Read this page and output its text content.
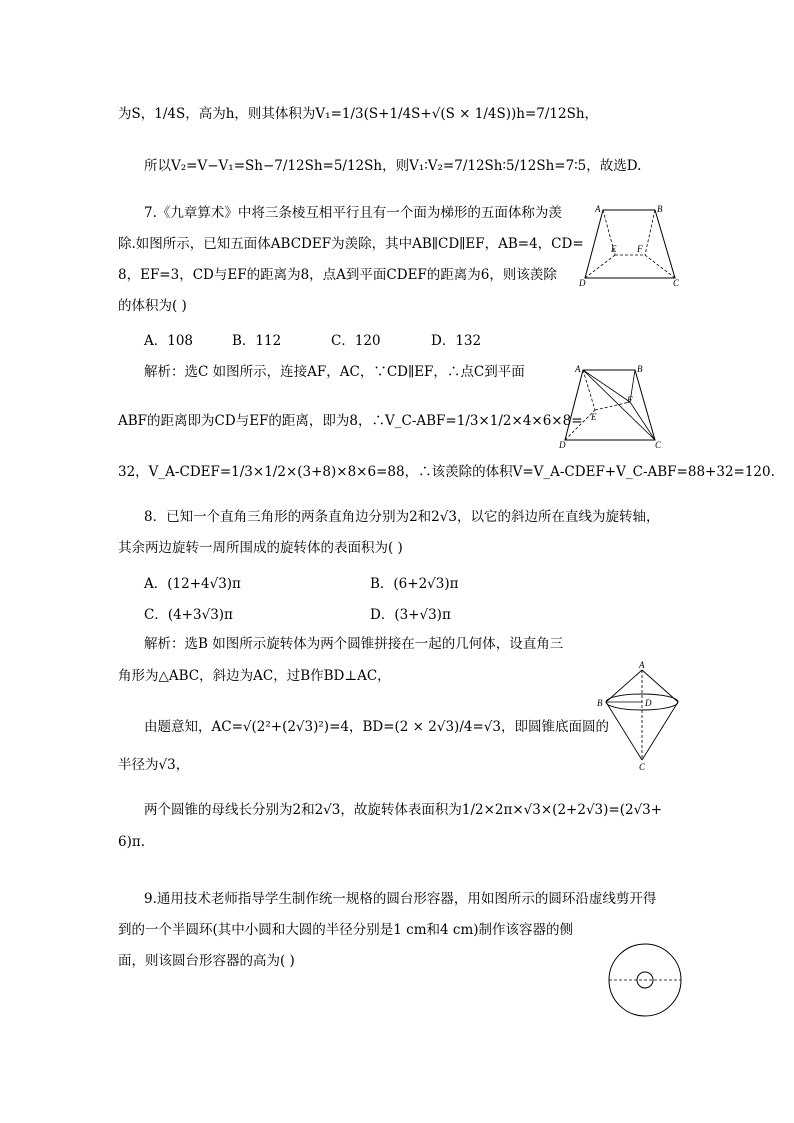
为S，1/4S，高为h，则其体积为V₁=1/3(S+1/4S+√(S × 1/4S))h=7/12Sh，
所以V₂=V−V₁=Sh−7/12Sh=5/12Sh，则V₁∶V₂=7/12Sh∶5/12Sh=7∶5，故选D.
7.《九章算术》中将三条棱互相平行且有一个面为梯形的五面体称为羡
除.如图所示，已知五面体ABCDEF为羡除，其中AB∥CD∥EF，AB=4，CD=
8，EF=3，CD与EF的距离为8，点A到平面CDEF的距离为6，则该羡除
的体积为( )
A．108	B．112	C．120	D．132
解析：选C 如图所示，连接AF，AC，∵CD∥EF，∴点C到平面
ABF的距离即为CD与EF的距离，即为8，∴V_C-ABF=1/3×1/2×4×6×8=
32，V_A-CDEF=1/3×1/2×(3+8)×8×6=88，∴该羡除的体积V=V_A-CDEF+V_C-ABF=88+32=120.
8．已知一个直角三角形的两条直角边分别为2和2√3，以它的斜边所在直线为旋转轴，
其余两边旋转一周所围成的旋转体的表面积为( )
A．(12+4√3)π	B．(6+2√3)π
C．(4+3√3)π	D．(3+√3)π
解析：选B 如图所示旋转体为两个圆锥拼接在一起的几何体，设直角三
角形为△ABC，斜边为AC，过B作BD⊥AC，
由题意知，AC=√(2²+(2√3)²)=4，BD=(2 × 2√3)/4=√3，即圆锥底面圆的
半径为√3，
两个圆锥的母线长分别为2和2√3，故旋转体表面积为1/2×2π×√3×(2+2√3)=(2√3+
6)π.
9.通用技术老师指导学生制作统一规格的圆台形容器，用如图所示的圆环沿虚线剪开得
到的一个半圆环(其中小圆和大圆的半径分别是1 cm和4 cm)制作该容器的侧
面，则该圆台形容器的高为( )
A	B
E F
D	C
A	B
E
F
D	C
A
B	D
C
